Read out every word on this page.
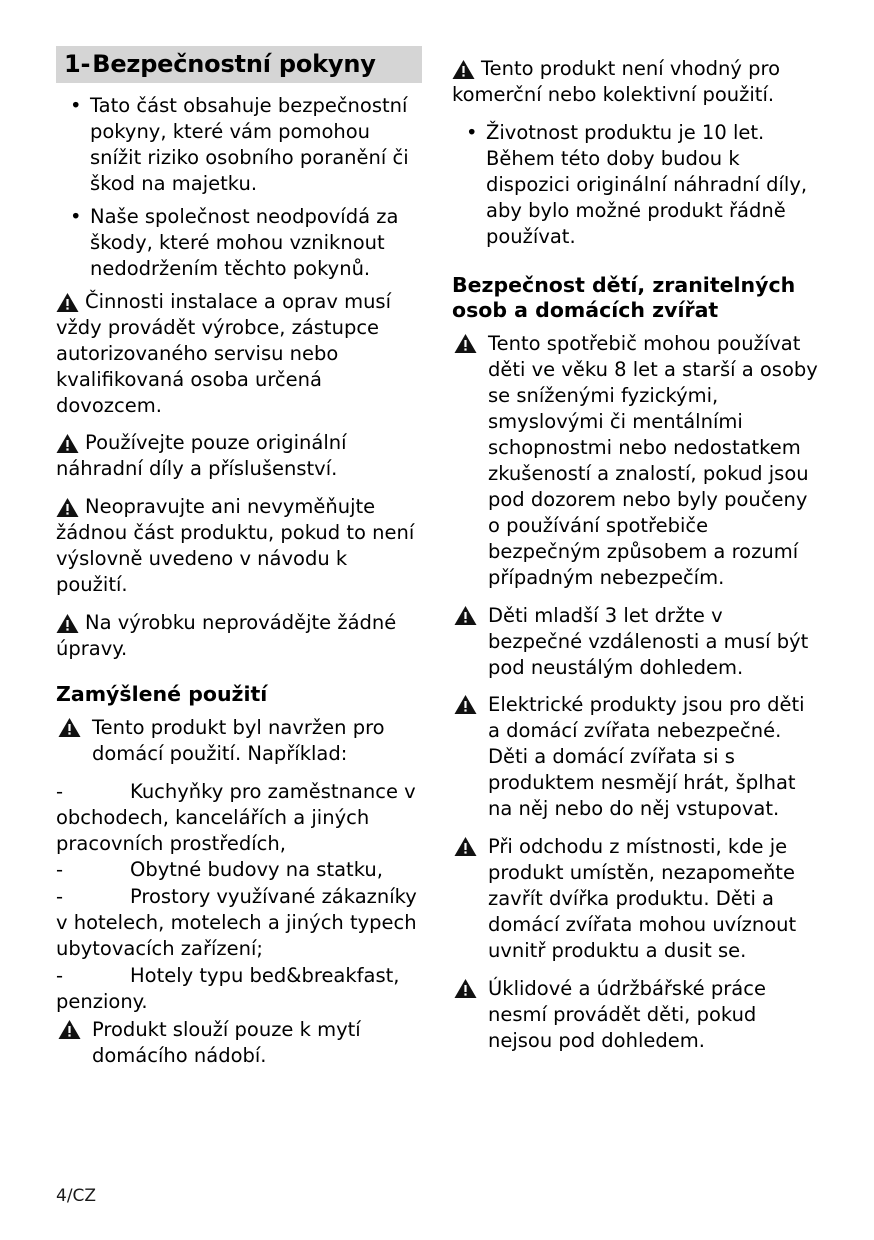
1-Bezpečnostní pokyny
• Tato část obsahuje bezpečnostní pokyny, které vám pomohou snížit riziko osobního poranění či škod na majetku.
• Naše společnost neodpovídá za škody, které mohou vzniknout nedodržením těchto pokynů.

Činnosti instalace a oprav musí vždy provádět výrobce, zástupce autorizovaného servisu nebo kvalifikovaná osoba určená dovozcem.

Používejte pouze originální náhradní díly a příslušenství.

Neopravujte ani nevyměňujte žádnou část produktu, pokud to není výslovně uvedeno v návodu k použití.

Na výrobku neprovádějte žádné úpravy.

Zamýšlené použití

Tento produkt byl navržen pro domácí použití. Například:

-	Kuchyňky pro zaměstnance v obchodech, kancelářích a jiných pracovních prostředích,

-	Obytné budovy na statku,

-	Prostory využívané zákazníky v hotelech, motelech a jiných typech ubytovacích zařízení;

-	Hotely typu bed&breakfast, penziony.

Produkt slouží pouze k mytí domácího nádobí.

Tento produkt není vhodný pro komerční nebo kolektivní použití.

• Životnost produktu je 10 let. Během této doby budou k dispozici originální náhradní díly, aby bylo možné produkt řádně používat.
Bezpečnost dětí, zranitelných osob a domácích zvířat

Tento spotřebič mohou používat děti ve věku 8 let a starší a osoby se sníženými fyzickými, smyslovými či mentálními schopnostmi nebo nedostatkem zkušeností a znalostí, pokud jsou pod dozorem nebo byly poučeny o používání spotřebiče bezpečným způsobem a rozumí případným nebezpečím.

Děti mladší 3 let držte v bezpečné vzdálenosti a musí být pod neustálým dohledem.

Elektrické produkty jsou pro děti a domácí zvířata nebezpečné. Děti a domácí zvířata si s produktem nesmějí hrát, šplhat na něj nebo do něj vstupovat.

Při odchodu z místnosti, kde je produkt umístěn, nezapomeňte zavřít dvířka produktu. Děti a domácí zvířata mohou uvíznout uvnitř produktu a dusit se.

Úklidové a údržbářské práce nesmí provádět děti, pokud nejsou pod dohledem.

4/CZ
